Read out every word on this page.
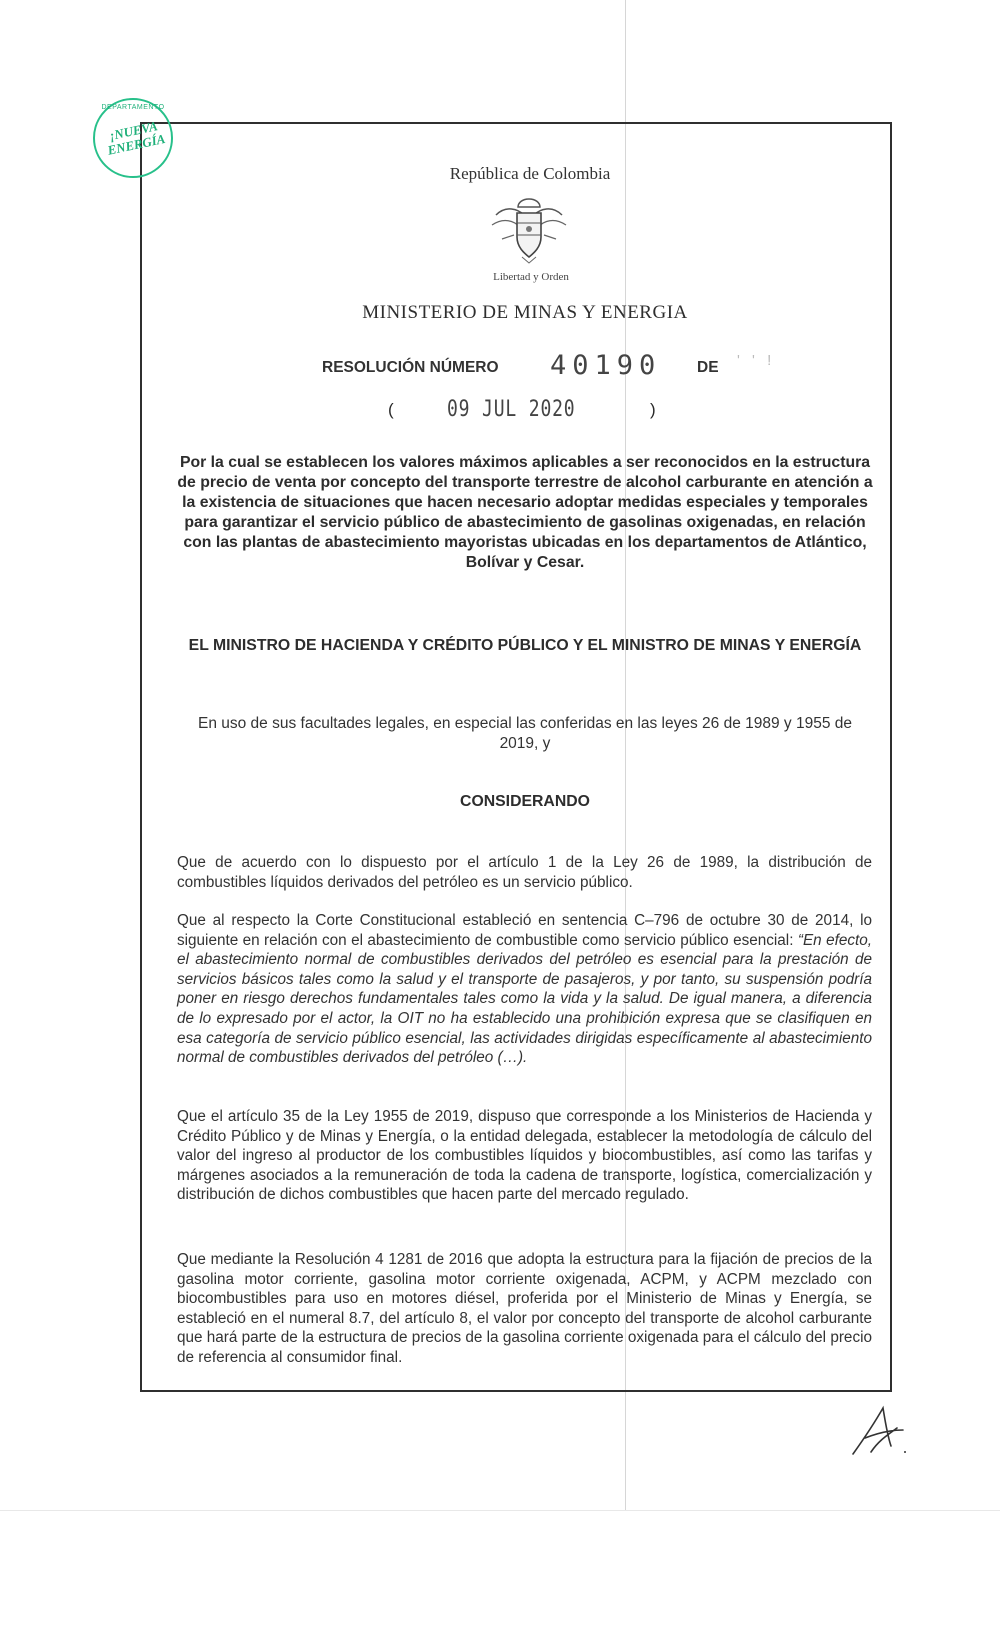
DEPARTAMENTO
¡NUEVA ENERGÍA
República de Colombia
Libertad y Orden
MINISTERIO DE MINAS Y ENERGIA
RESOLUCIÓN NÚMERO 40190 DE ' ' !
( 09 JUL 2020	)
Por la cual se establecen los valores máximos aplicables a ser reconocidos en la estructura de precio de venta por concepto del transporte terrestre de alcohol carburante en atención a la existencia de situaciones que hacen necesario adoptar medidas especiales y temporales para garantizar el servicio público de abastecimiento de gasolinas oxigenadas, en relación con las plantas de abastecimiento mayoristas ubicadas en los departamentos de Atlántico, Bolívar y Cesar.
EL MINISTRO DE HACIENDA Y CRÉDITO PÚBLICO Y EL MINISTRO DE MINAS Y ENERGÍA
En uso de sus facultades legales, en especial las conferidas en las leyes 26 de 1989 y 1955 de 2019, y
CONSIDERANDO
Que de acuerdo con lo dispuesto por el artículo 1 de la Ley 26 de 1989, la distribución de combustibles líquidos derivados del petróleo es un servicio público.
Que al respecto la Corte Constitucional estableció en sentencia C–796 de octubre 30 de 2014, lo siguiente en relación con el abastecimiento de combustible como servicio público esencial: “En efecto, el abastecimiento normal de combustibles derivados del petróleo es esencial para la prestación de servicios básicos tales como la salud y el transporte de pasajeros, y por tanto, su suspensión podría poner en riesgo derechos fundamentales tales como la vida y la salud. De igual manera, a diferencia de lo expresado por el actor, la OIT no ha establecido una prohibición expresa que se clasifiquen en esa categoría de servicio público esencial, las actividades dirigidas específicamente al abastecimiento normal de combustibles derivados del petróleo (…).
Que el artículo 35 de la Ley 1955 de 2019, dispuso que corresponde a los Ministerios de Hacienda y Crédito Público y de Minas y Energía, o la entidad delegada, establecer la metodología de cálculo del valor del ingreso al productor de los combustibles líquidos y biocombustibles, así como las tarifas y márgenes asociados a la remuneración de toda la cadena de transporte, logística, comercialización y distribución de dichos combustibles que hacen parte del mercado regulado.
Que mediante la Resolución 4 1281 de 2016 que adopta la estructura para la fijación de precios de la gasolina motor corriente, gasolina motor corriente oxigenada, ACPM, y ACPM mezclado con biocombustibles para uso en motores diésel, proferida por el Ministerio de Minas y Energía, se estableció en el numeral 8.7, del artículo 8, el valor por concepto del transporte de alcohol carburante que hará parte de la estructura de precios de la gasolina corriente oxigenada para el cálculo del precio de referencia al consumidor final.
